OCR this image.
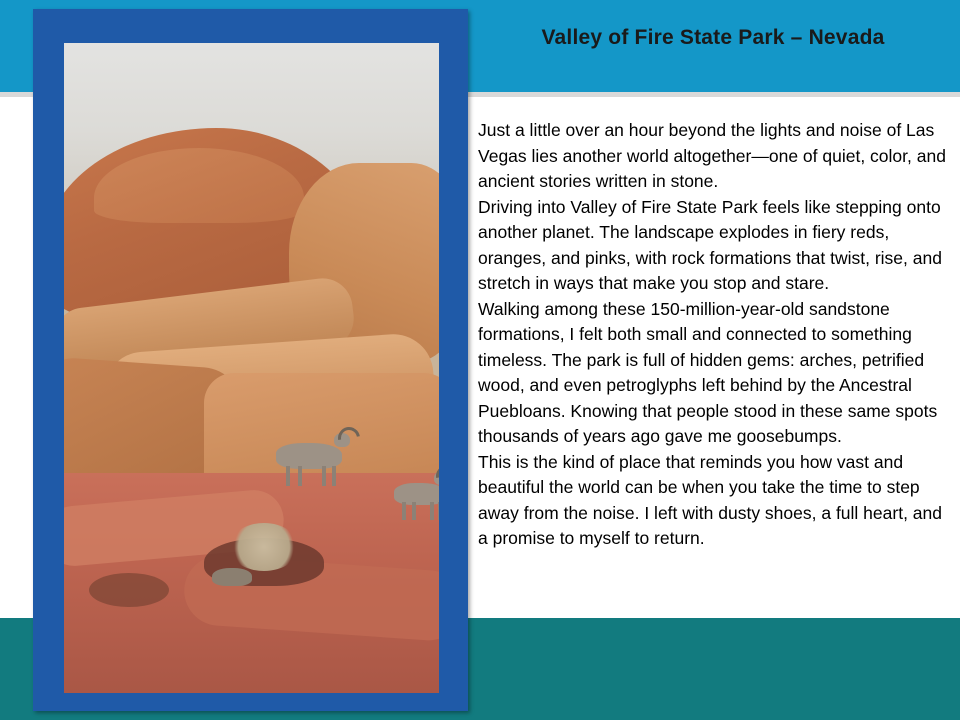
Valley of Fire State Park – Nevada

Just a little over an hour beyond the lights and noise of Las Vegas lies another world altogether—one of quiet, color, and ancient stories written in stone.

Driving into Valley of Fire State Park feels like stepping onto another planet. The landscape explodes in fiery reds, oranges, and pinks, with rock formations that twist, rise, and stretch in ways that make you stop and stare.

Walking among these 150-million-year-old sandstone formations, I felt both small and connected to something timeless. The park is full of hidden gems: arches, petrified wood, and even petroglyphs left behind by the Ancestral Puebloans. Knowing that people stood in these same spots thousands of years ago gave me goosebumps.

This is the kind of place that reminds you how vast and beautiful the world can be when you take the time to step away from the noise. I left with dusty shoes, a full heart, and a promise to myself to return.
